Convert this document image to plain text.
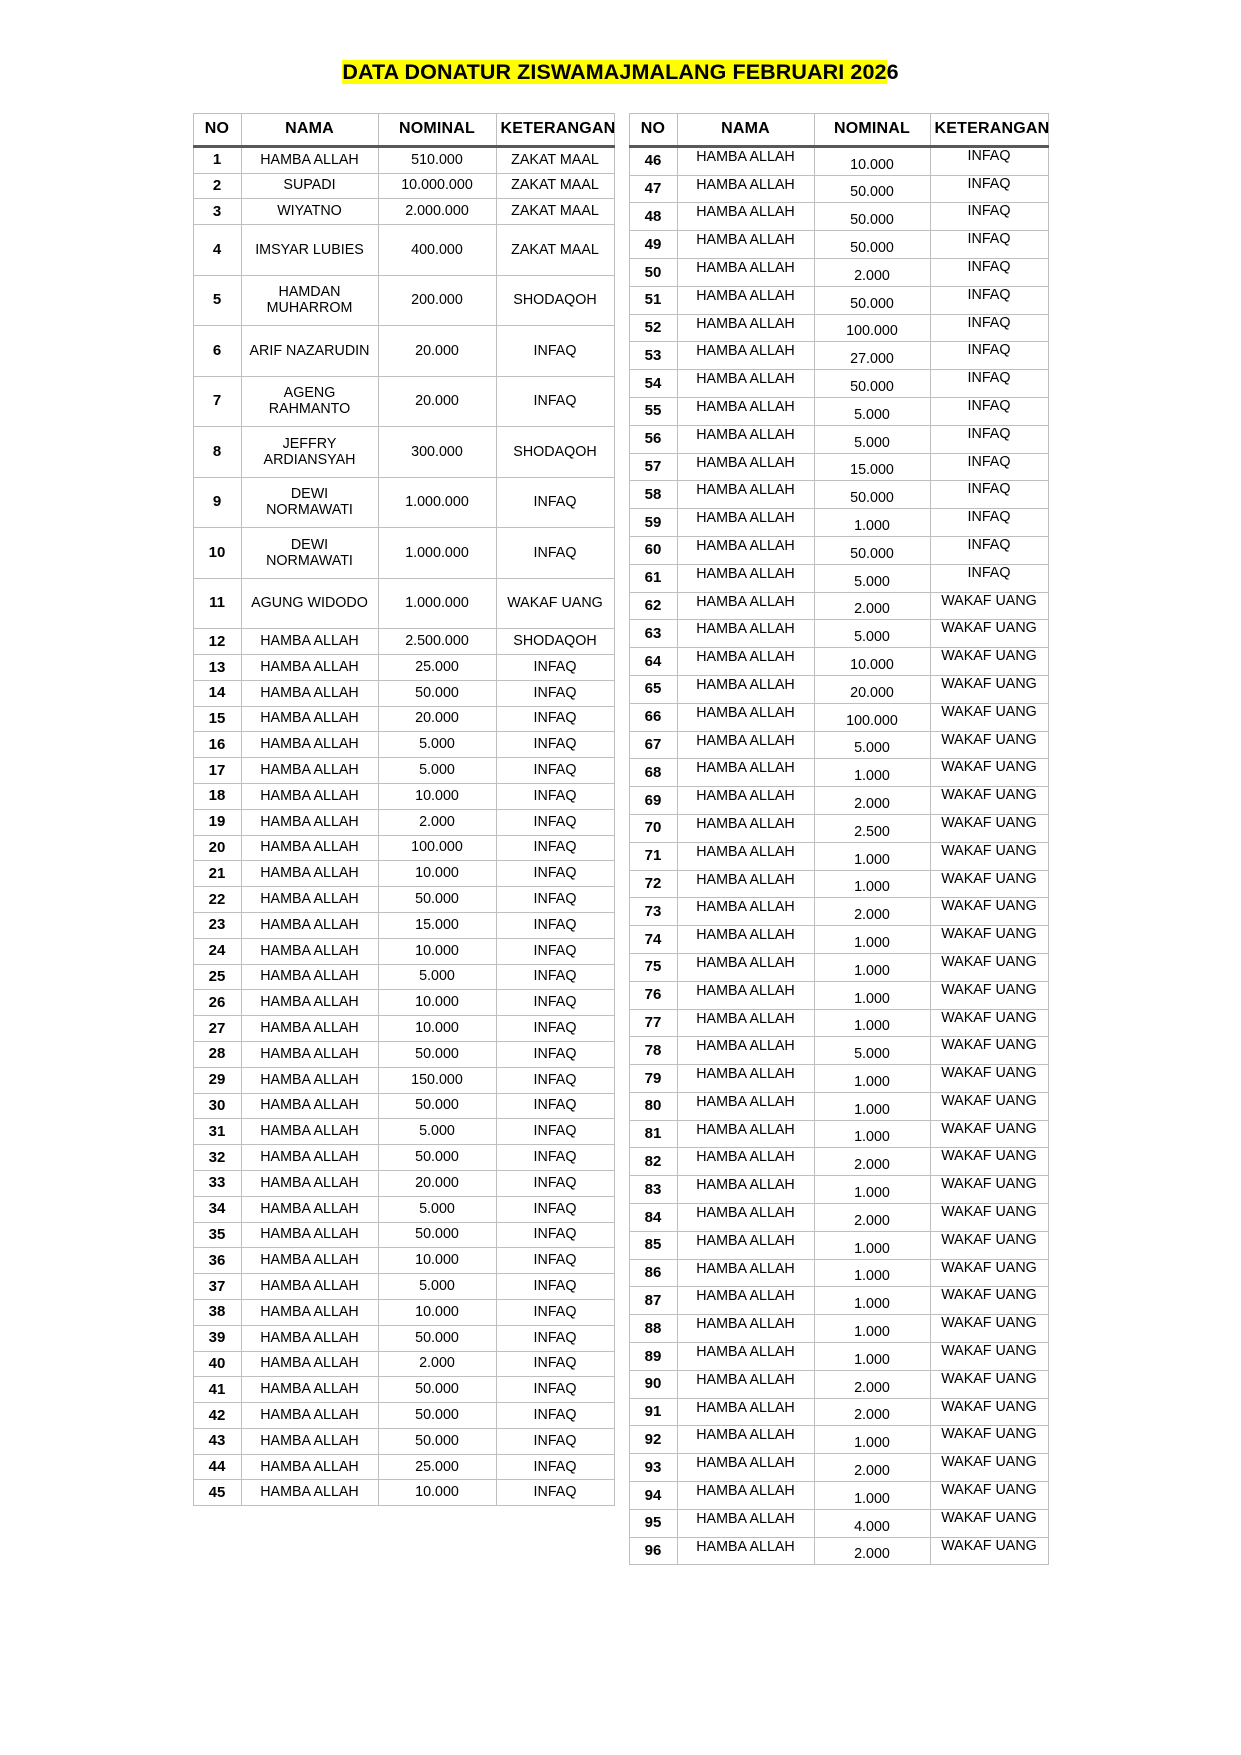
DATA DONATUR ZISWAMAJMALANG FEBRUARI 2026
NO	NAMA	NOMINAL	KETERANGAN
1	HAMBA ALLAH	510.000	ZAKAT MAAL
2	SUPADI	10.000.000	ZAKAT MAAL
3	WIYATNO	2.000.000	ZAKAT MAAL
4	IMSYAR LUBIES	400.000	ZAKAT MAAL
5	HAMDAN MUHARROM	200.000	SHODAQOH
6	ARIF NAZARUDIN	20.000	INFAQ
7	AGENG RAHMANTO	20.000	INFAQ
8	JEFFRY ARDIANSYAH	300.000	SHODAQOH
9	DEWI NORMAWATI	1.000.000	INFAQ
10	DEWI NORMAWATI	1.000.000	INFAQ
11	AGUNG WIDODO	1.000.000	WAKAF UANG
12	HAMBA ALLAH	2.500.000	SHODAQOH
13	HAMBA ALLAH	25.000	INFAQ
14	HAMBA ALLAH	50.000	INFAQ
15	HAMBA ALLAH	20.000	INFAQ
16	HAMBA ALLAH	5.000	INFAQ
17	HAMBA ALLAH	5.000	INFAQ
18	HAMBA ALLAH	10.000	INFAQ
19	HAMBA ALLAH	2.000	INFAQ
20	HAMBA ALLAH	100.000	INFAQ
21	HAMBA ALLAH	10.000	INFAQ
22	HAMBA ALLAH	50.000	INFAQ
23	HAMBA ALLAH	15.000	INFAQ
24	HAMBA ALLAH	10.000	INFAQ
25	HAMBA ALLAH	5.000	INFAQ
26	HAMBA ALLAH	10.000	INFAQ
27	HAMBA ALLAH	10.000	INFAQ
28	HAMBA ALLAH	50.000	INFAQ
29	HAMBA ALLAH	150.000	INFAQ
30	HAMBA ALLAH	50.000	INFAQ
31	HAMBA ALLAH	5.000	INFAQ
32	HAMBA ALLAH	50.000	INFAQ
33	HAMBA ALLAH	20.000	INFAQ
34	HAMBA ALLAH	5.000	INFAQ
35	HAMBA ALLAH	50.000	INFAQ
36	HAMBA ALLAH	10.000	INFAQ
37	HAMBA ALLAH	5.000	INFAQ
38	HAMBA ALLAH	10.000	INFAQ
39	HAMBA ALLAH	50.000	INFAQ
40	HAMBA ALLAH	2.000	INFAQ
41	HAMBA ALLAH	50.000	INFAQ
42	HAMBA ALLAH	50.000	INFAQ
43	HAMBA ALLAH	50.000	INFAQ
44	HAMBA ALLAH	25.000	INFAQ
45	HAMBA ALLAH	10.000	INFAQ
NO	NAMA	NOMINAL	KETERANGAN
46	HAMBA ALLAH	10.000	INFAQ
47	HAMBA ALLAH	50.000	INFAQ
48	HAMBA ALLAH	50.000	INFAQ
49	HAMBA ALLAH	50.000	INFAQ
50	HAMBA ALLAH	2.000	INFAQ
51	HAMBA ALLAH	50.000	INFAQ
52	HAMBA ALLAH	100.000	INFAQ
53	HAMBA ALLAH	27.000	INFAQ
54	HAMBA ALLAH	50.000	INFAQ
55	HAMBA ALLAH	5.000	INFAQ
56	HAMBA ALLAH	5.000	INFAQ
57	HAMBA ALLAH	15.000	INFAQ
58	HAMBA ALLAH	50.000	INFAQ
59	HAMBA ALLAH	1.000	INFAQ
60	HAMBA ALLAH	50.000	INFAQ
61	HAMBA ALLAH	5.000	INFAQ
62	HAMBA ALLAH	2.000	WAKAF UANG
63	HAMBA ALLAH	5.000	WAKAF UANG
64	HAMBA ALLAH	10.000	WAKAF UANG
65	HAMBA ALLAH	20.000	WAKAF UANG
66	HAMBA ALLAH	100.000	WAKAF UANG
67	HAMBA ALLAH	5.000	WAKAF UANG
68	HAMBA ALLAH	1.000	WAKAF UANG
69	HAMBA ALLAH	2.000	WAKAF UANG
70	HAMBA ALLAH	2.500	WAKAF UANG
71	HAMBA ALLAH	1.000	WAKAF UANG
72	HAMBA ALLAH	1.000	WAKAF UANG
73	HAMBA ALLAH	2.000	WAKAF UANG
74	HAMBA ALLAH	1.000	WAKAF UANG
75	HAMBA ALLAH	1.000	WAKAF UANG
76	HAMBA ALLAH	1.000	WAKAF UANG
77	HAMBA ALLAH	1.000	WAKAF UANG
78	HAMBA ALLAH	5.000	WAKAF UANG
79	HAMBA ALLAH	1.000	WAKAF UANG
80	HAMBA ALLAH	1.000	WAKAF UANG
81	HAMBA ALLAH	1.000	WAKAF UANG
82	HAMBA ALLAH	2.000	WAKAF UANG
83	HAMBA ALLAH	1.000	WAKAF UANG
84	HAMBA ALLAH	2.000	WAKAF UANG
85	HAMBA ALLAH	1.000	WAKAF UANG
86	HAMBA ALLAH	1.000	WAKAF UANG
87	HAMBA ALLAH	1.000	WAKAF UANG
88	HAMBA ALLAH	1.000	WAKAF UANG
89	HAMBA ALLAH	1.000	WAKAF UANG
90	HAMBA ALLAH	2.000	WAKAF UANG
91	HAMBA ALLAH	2.000	WAKAF UANG
92	HAMBA ALLAH	1.000	WAKAF UANG
93	HAMBA ALLAH	2.000	WAKAF UANG
94	HAMBA ALLAH	1.000	WAKAF UANG
95	HAMBA ALLAH	4.000	WAKAF UANG
96	HAMBA ALLAH	2.000	WAKAF UANG
